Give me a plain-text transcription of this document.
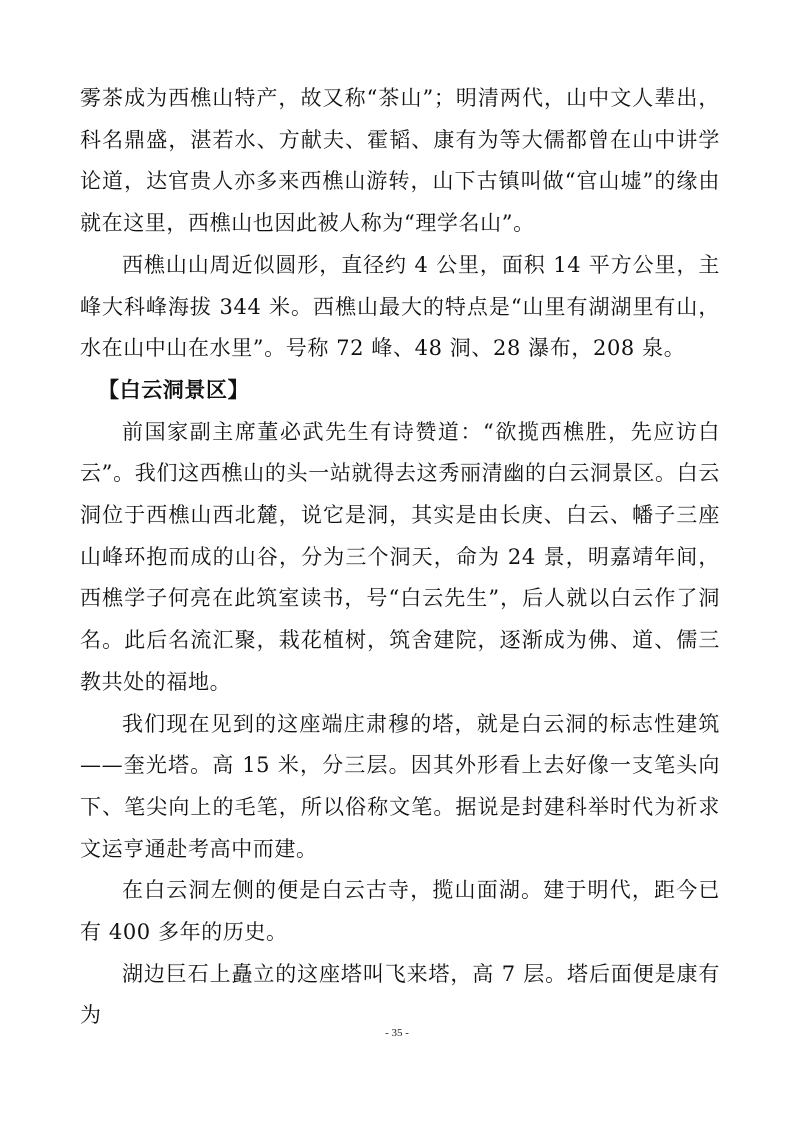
雾茶成为西樵山特产，故又称“茶山”；明清两代，山中文人辈出，科名鼎盛，湛若水、方献夫、霍韬、康有为等大儒都曾在山中讲学论道，达官贵人亦多来西樵山游转，山下古镇叫做“官山墟”的缘由就在这里，西樵山也因此被人称为“理学名山”。

西樵山山周近似圆形，直径约 4 公里，面积 14 平方公里，主峰大科峰海拔 344 米。西樵山最大的特点是“山里有湖湖里有山，水在山中山在水里”。号称 72 峰、48 洞、28 瀑布，208 泉。

【白云洞景区】

前国家副主席董必武先生有诗赞道：“欲揽西樵胜，先应访白云”。我们这西樵山的头一站就得去这秀丽清幽的白云洞景区。白云洞位于西樵山西北麓，说它是洞，其实是由长庚、白云、幡子三座山峰环抱而成的山谷，分为三个洞天，命为 24 景，明嘉靖年间，西樵学子何亮在此筑室读书，号“白云先生”，后人就以白云作了洞名。此后名流汇聚，栽花植树，筑舍建院，逐渐成为佛、道、儒三教共处的福地。

我们现在见到的这座端庄肃穆的塔，就是白云洞的标志性建筑——奎光塔。高 15 米，分三层。因其外形看上去好像一支笔头向下、笔尖向上的毛笔，所以俗称文笔。据说是封建科举时代为祈求文运亨通赴考高中而建。

在白云洞左侧的便是白云古寺，揽山面湖。建于明代，距今已有 400 多年的历史。

湖边巨石上矗立的这座塔叫飞来塔，高 7 层。塔后面便是康有为

- 35 -
